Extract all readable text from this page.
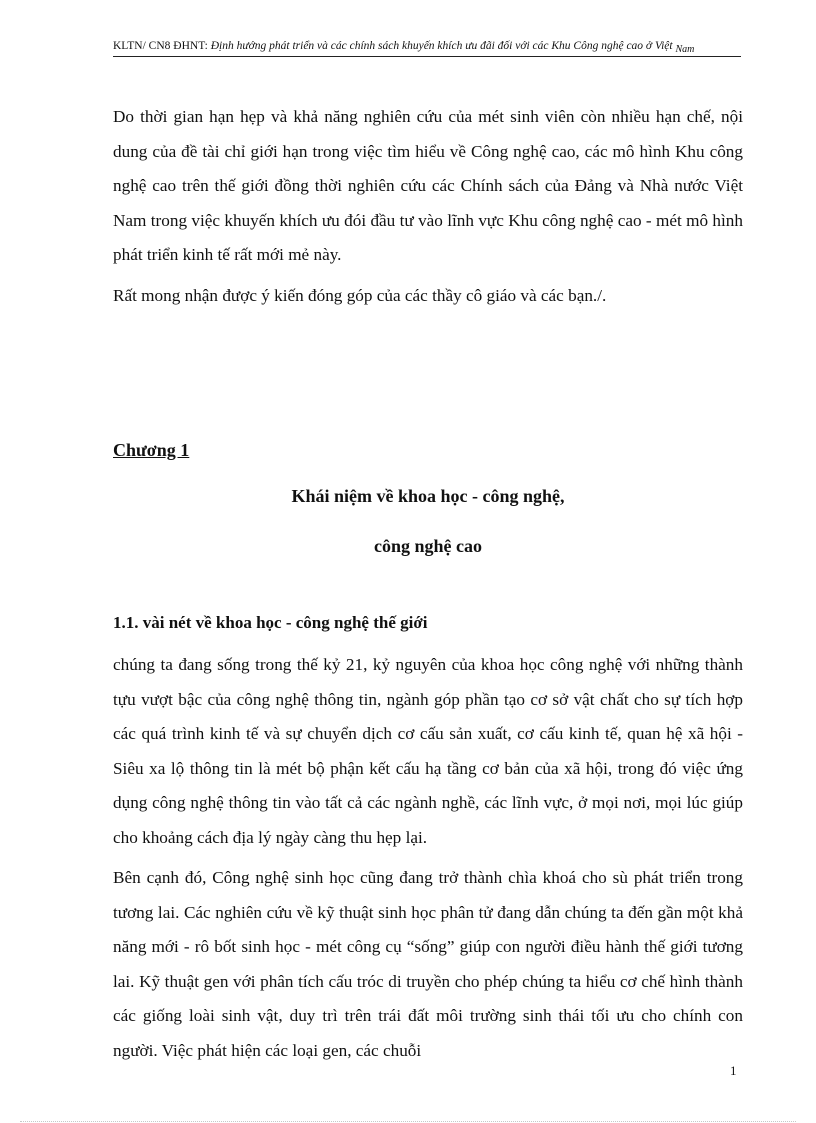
KLTN/ CN8 ĐHNT: Định hướng phát triển và các chính sách khuyến khích ưu đãi đối với các Khu Công nghệ cao ở Việt Nam

Do thời gian hạn hẹp và khả năng nghiên cứu của mét sinh viên còn nhiều hạn chế, nội dung của đề tài chỉ giới hạn trong việc tìm hiểu về Công nghệ cao, các mô hình Khu công nghệ cao trên thế giới đồng thời nghiên cứu các Chính sách của Đảng và Nhà nước Việt Nam trong việc khuyến khích ưu đói đầu tư vào lĩnh vực Khu công nghệ cao - mét mô hình phát triển kinh tế rất mới mẻ này.

Rất mong nhận được ý kiến đóng góp của các thầy cô giáo và các bạn./.

Chương 1

Khái niệm về khoa học - công nghệ,

công nghệ cao

1.1. vài nét về khoa học - công nghệ thế giới

chúng ta đang sống trong thế kỷ 21, kỷ nguyên của khoa học công nghệ với những thành tựu vượt bậc của công nghệ thông tin, ngành góp phần tạo cơ sở vật chất cho sự tích hợp các quá trình kinh tế và sự chuyển dịch cơ cấu sản xuất, cơ cấu kinh tế, quan hệ xã hội - Siêu xa lộ thông tin là mét bộ phận kết cấu hạ tầng cơ bản của xã hội, trong đó việc ứng dụng công nghệ thông tin vào tất cả các ngành nghề, các lĩnh vực, ở mọi nơi, mọi lúc giúp cho khoảng cách địa lý ngày càng thu hẹp lại.

Bên cạnh đó, Công nghệ sinh học cũng đang trở thành chìa khoá cho sù phát triển trong tương lai. Các nghiên cứu về kỹ thuật sinh học phân tử đang dẫn chúng ta đến gần một khả năng mới - rô bốt sinh học - mét công cụ “sống” giúp con người điều hành thế giới tương lai. Kỹ thuật gen với phân tích cấu tróc di truyền cho phép chúng ta hiểu cơ chế hình thành các giống loài sinh vật, duy trì trên trái đất môi trường sinh thái tối ưu cho chính con người. Việc phát hiện các loại gen, các chuỗi

1
